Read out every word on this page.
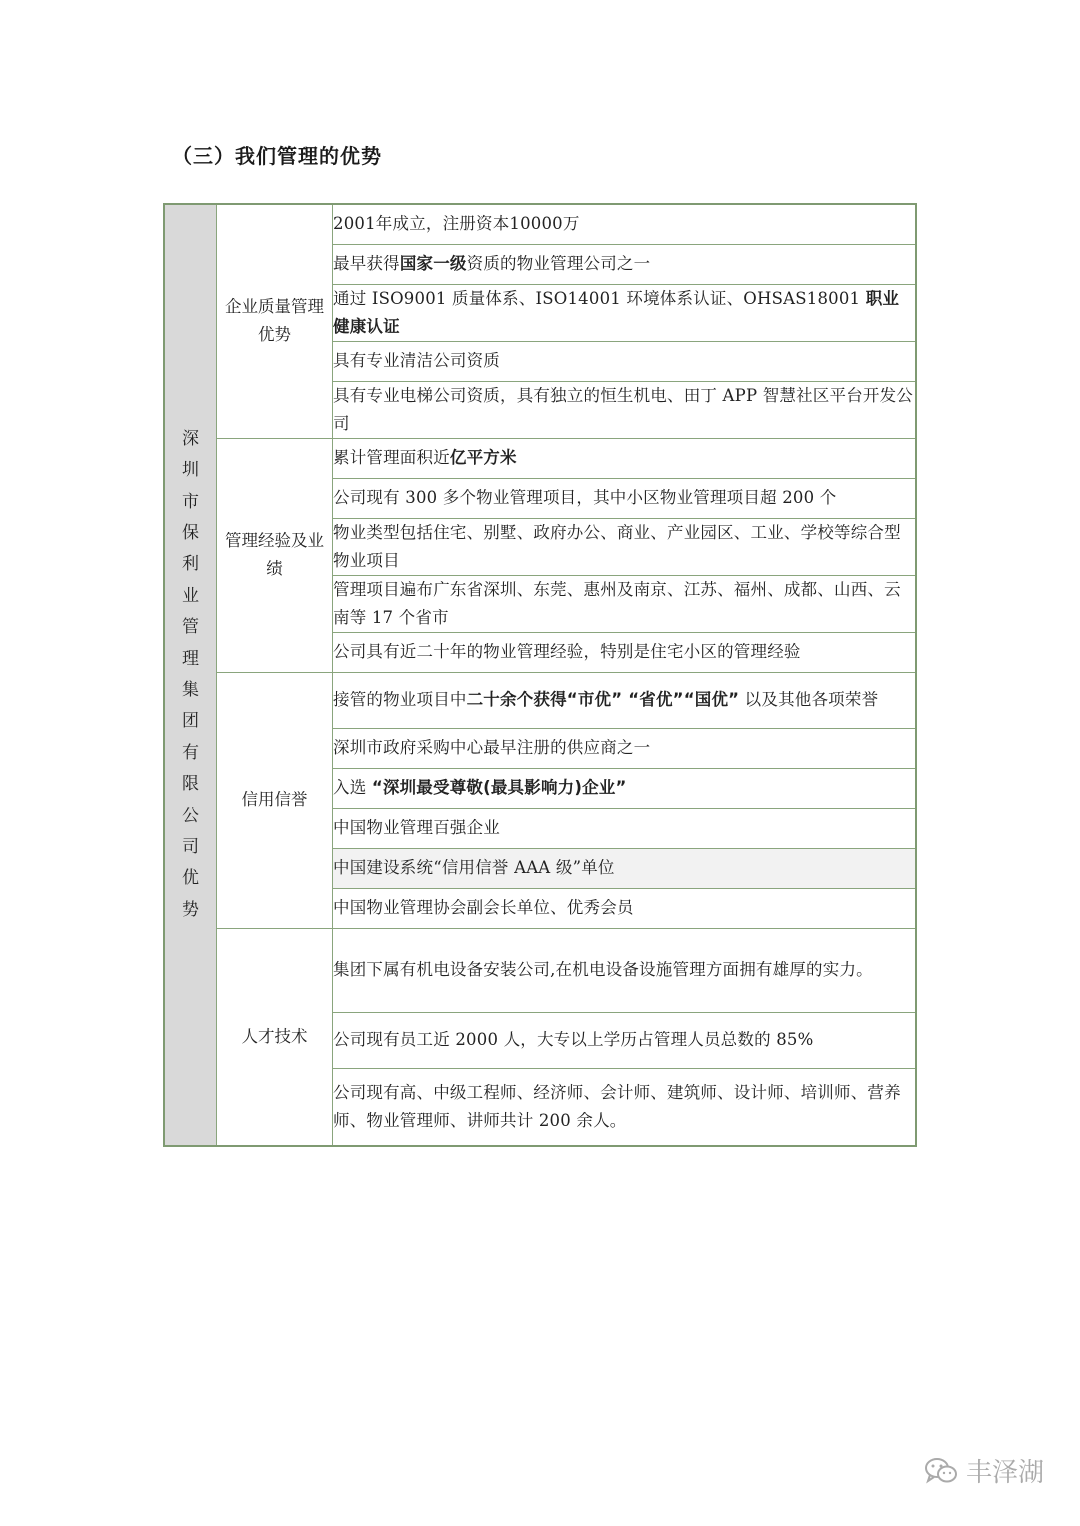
（三）我们管理的优势
深圳市保利业管理集团有限公司优势	企业质量管理优势	2001年成立，注册资本10000万
		最早获得国家一级资质的物业管理公司之一
		通过 ISO9001 质量体系、ISO14001 环境体系认证、OHSAS18001 职业健康认证
		具有专业清洁公司资质
		具有专业电梯公司资质，具有独立的恒生机电、田丁 APP 智慧社区平台开发公司
	管理经验及业绩	累计管理面积近亿平方米
		公司现有 300 多个物业管理项目，其中小区物业管理项目超 200 个
		物业类型包括住宅、别墅、政府办公、商业、产业园区、工业、学校等综合型物业项目
		管理项目遍布广东省深圳、东莞、惠州及南京、江苏、福州、成都、山西、云南等 17 个省市
		公司具有近二十年的物业管理经验，特别是住宅小区的管理经验
	信用信誉	接管的物业项目中二十余个获得“市优” “省优”“国优” 以及其他各项荣誉
		深圳市政府采购中心最早注册的供应商之一
		入选 “深圳最受尊敬(最具影响力)企业”
		中国物业管理百强企业
		中国建设系统“信用信誉 AAA 级”单位
		中国物业管理协会副会长单位、优秀会员
	人才技术	集团下属有机电设备安装公司,在机电设备设施管理方面拥有雄厚的实力。
		公司现有员工近 2000 人，大专以上学历占管理人员总数的 85%
		公司现有高、中级工程师、经济师、会计师、建筑师、设计师、培训师、营养师、物业管理师、讲师共计 200 余人。
丰泽湖
